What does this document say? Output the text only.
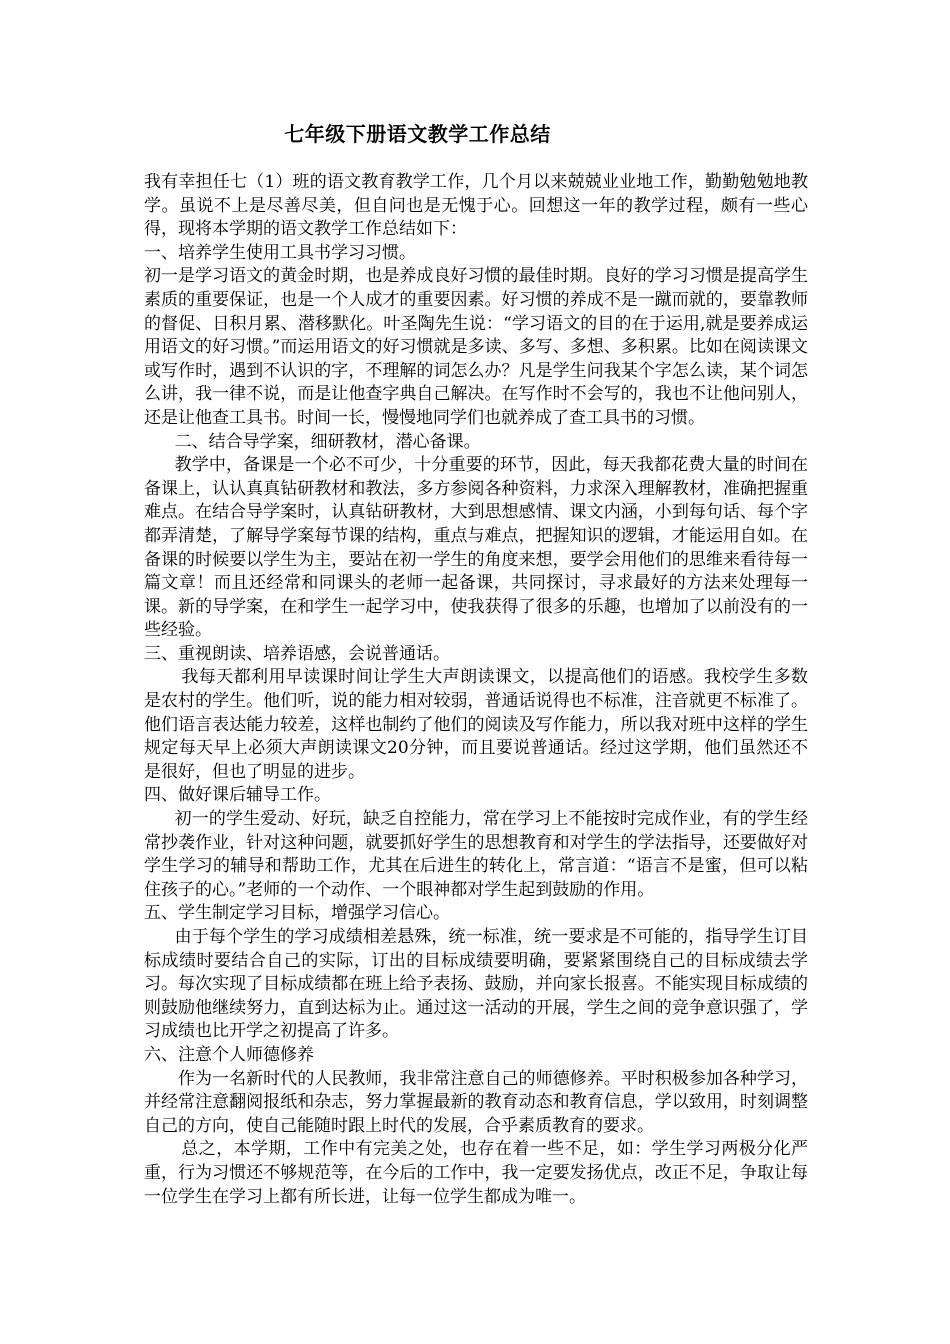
七年级下册语文教学工作总结

我有幸担任七（1）班的语文教育教学工作，几个月以来兢兢业业地工作，勤勤勉勉地教学。虽说不上是尽善尽美，但自问也是无愧于心。回想这一年的教学过程，颇有一些心得，现将本学期的语文教学工作总结如下：

一、培养学生使用工具书学习习惯。

初一是学习语文的黄金时期，也是养成良好习惯的最佳时期。良好的学习习惯是提高学生素质的重要保证，也是一个人成才的重要因素。好习惯的养成不是一蹴而就的，要靠教师的督促、日积月累、潜移默化。叶圣陶先生说：“学习语文的目的在于运用,就是要养成运用语文的好习惯。”而运用语文的好习惯就是多读、多写、多想、多积累。比如在阅读课文或写作时，遇到不认识的字，不理解的词怎么办？凡是学生问我某个字怎么读，某个词怎么讲，我一律不说，而是让他查字典自己解决。在写作时不会写的，我也不让他问别人，还是让他查工具书。时间一长，慢慢地同学们也就养成了查工具书的习惯。

二、结合导学案，细研教材，潜心备课。

教学中，备课是一个必不可少，十分重要的环节，因此，每天我都花费大量的时间在备课上，认认真真钻研教材和教法，多方参阅各种资料，力求深入理解教材，准确把握重难点。在结合导学案时，认真钻研教材，大到思想感情、课文内涵，小到每句话、每个字都弄清楚，了解导学案每节课的结构，重点与难点，把握知识的逻辑，才能运用自如。在备课的时候要以学生为主，要站在初一学生的角度来想，要学会用他们的思维来看待每一篇文章！而且还经常和同课头的老师一起备课，共同探讨，寻求最好的方法来处理每一课。新的导学案，在和学生一起学习中，使我获得了很多的乐趣，也增加了以前没有的一些经验。

三、重视朗读、培养语感，会说普通话。

我每天都利用早读课时间让学生大声朗读课文，以提高他们的语感。我校学生多数是农村的学生。他们听，说的能力相对较弱，普通话说得也不标准，注音就更不标准了。他们语言表达能力较差，这样也制约了他们的阅读及写作能力，所以我对班中这样的学生规定每天早上必须大声朗读课文20分钟，而且要说普通话。经过这学期，他们虽然还不是很好，但也了明显的进步。

四、做好课后辅导工作。

初一的学生爱动、好玩，缺乏自控能力，常在学习上不能按时完成作业，有的学生经常抄袭作业，针对这种问题，就要抓好学生的思想教育和对学生的学法指导，还要做好对学生学习的辅导和帮助工作，尤其在后进生的转化上，常言道：“语言不是蜜，但可以粘住孩子的心。”老师的一个动作、一个眼神都对学生起到鼓励的作用。

五、学生制定学习目标，增强学习信心。

由于每个学生的学习成绩相差悬殊，统一标准，统一要求是不可能的，指导学生订目标成绩时要结合自己的实际，订出的目标成绩要明确，要紧紧围绕自己的目标成绩去学习。每次实现了目标成绩都在班上给予表扬、鼓励，并向家长报喜。不能实现目标成绩的则鼓励他继续努力，直到达标为止。通过这一活动的开展，学生之间的竞争意识强了，学习成绩也比开学之初提高了许多。

六、注意个人师德修养

作为一名新时代的人民教师，我非常注意自己的师德修养。平时积极参加各种学习，并经常注意翻阅报纸和杂志，努力掌握最新的教育动态和教育信息，学以致用，时刻调整自己的方向，使自己能随时跟上时代的发展，合乎素质教育的要求。

总之，本学期，工作中有完美之处，也存在着一些不足，如：学生学习两极分化严重，行为习惯还不够规范等，在今后的工作中，我一定要发扬优点，改正不足，争取让每一位学生在学习上都有所长进，让每一位学生都成为唯一。
